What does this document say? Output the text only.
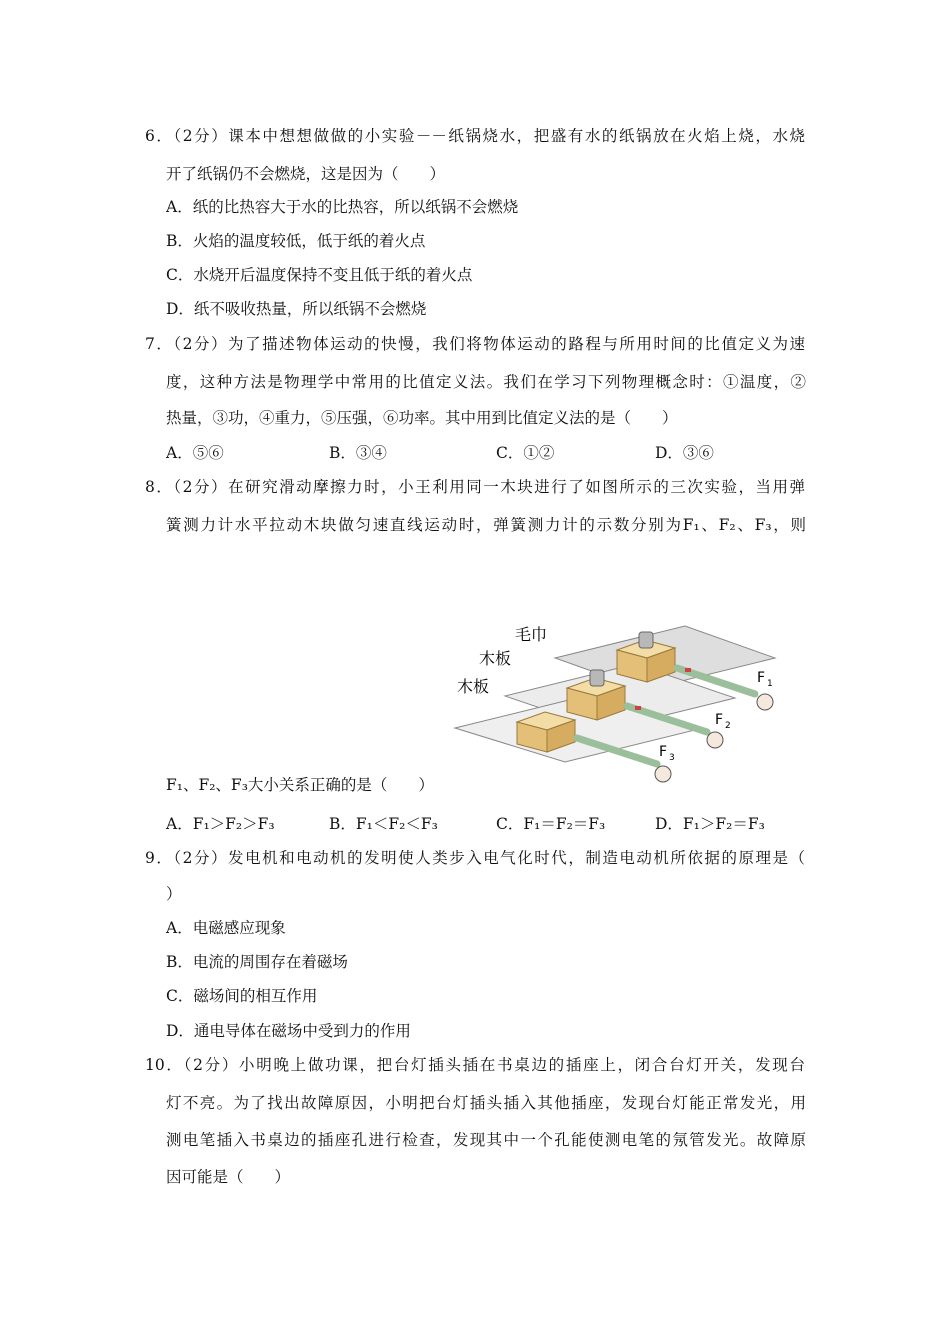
6．（2分）课本中想想做做的小实验－－纸锅烧水，把盛有水的纸锅放在火焰上烧，水烧
开了纸锅仍不会燃烧，这是因为（　　）
A．纸的比热容大于水的比热容，所以纸锅不会燃烧
B．火焰的温度较低，低于纸的着火点
C．水烧开后温度保持不变且低于纸的着火点
D．纸不吸收热量，所以纸锅不会燃烧
7．（2分）为了描述物体运动的快慢，我们将物体运动的路程与所用时间的比值定义为速
度，这种方法是物理学中常用的比值定义法。我们在学习下列物理概念时：①温度，②
热量，③功，④重力，⑤压强，⑥功率。其中用到比值定义法的是（　　）
A．⑤⑥	B．③④	C．①②	D．③⑥
8．（2分）在研究滑动摩擦力时，小王利用同一木块进行了如图所示的三次实验，当用弹
簧测力计水平拉动木块做匀速直线运动时，弹簧测力计的示数分别为F₁、F₂、F₃，则
毛巾
木板
木板	F 1
F 2
F 3
F₁、F₂、F₃大小关系正确的是（　　）
A．F₁＞F₂＞F₃	B．F₁＜F₂＜F₃	C．F₁＝F₂＝F₃	D．F₁＞F₂＝F₃
9．（2分）发电机和电动机的发明使人类步入电气化时代，制造电动机所依据的原理是（
）
A．电磁感应现象
B．电流的周围存在着磁场
C．磁场间的相互作用
D．通电导体在磁场中受到力的作用
10．（2分）小明晚上做功课，把台灯插头插在书桌边的插座上，闭合台灯开关，发现台
灯不亮。为了找出故障原因，小明把台灯插头插入其他插座，发现台灯能正常发光，用
测电笔插入书桌边的插座孔进行检查，发现其中一个孔能使测电笔的氖管发光。故障原
因可能是（　　）
